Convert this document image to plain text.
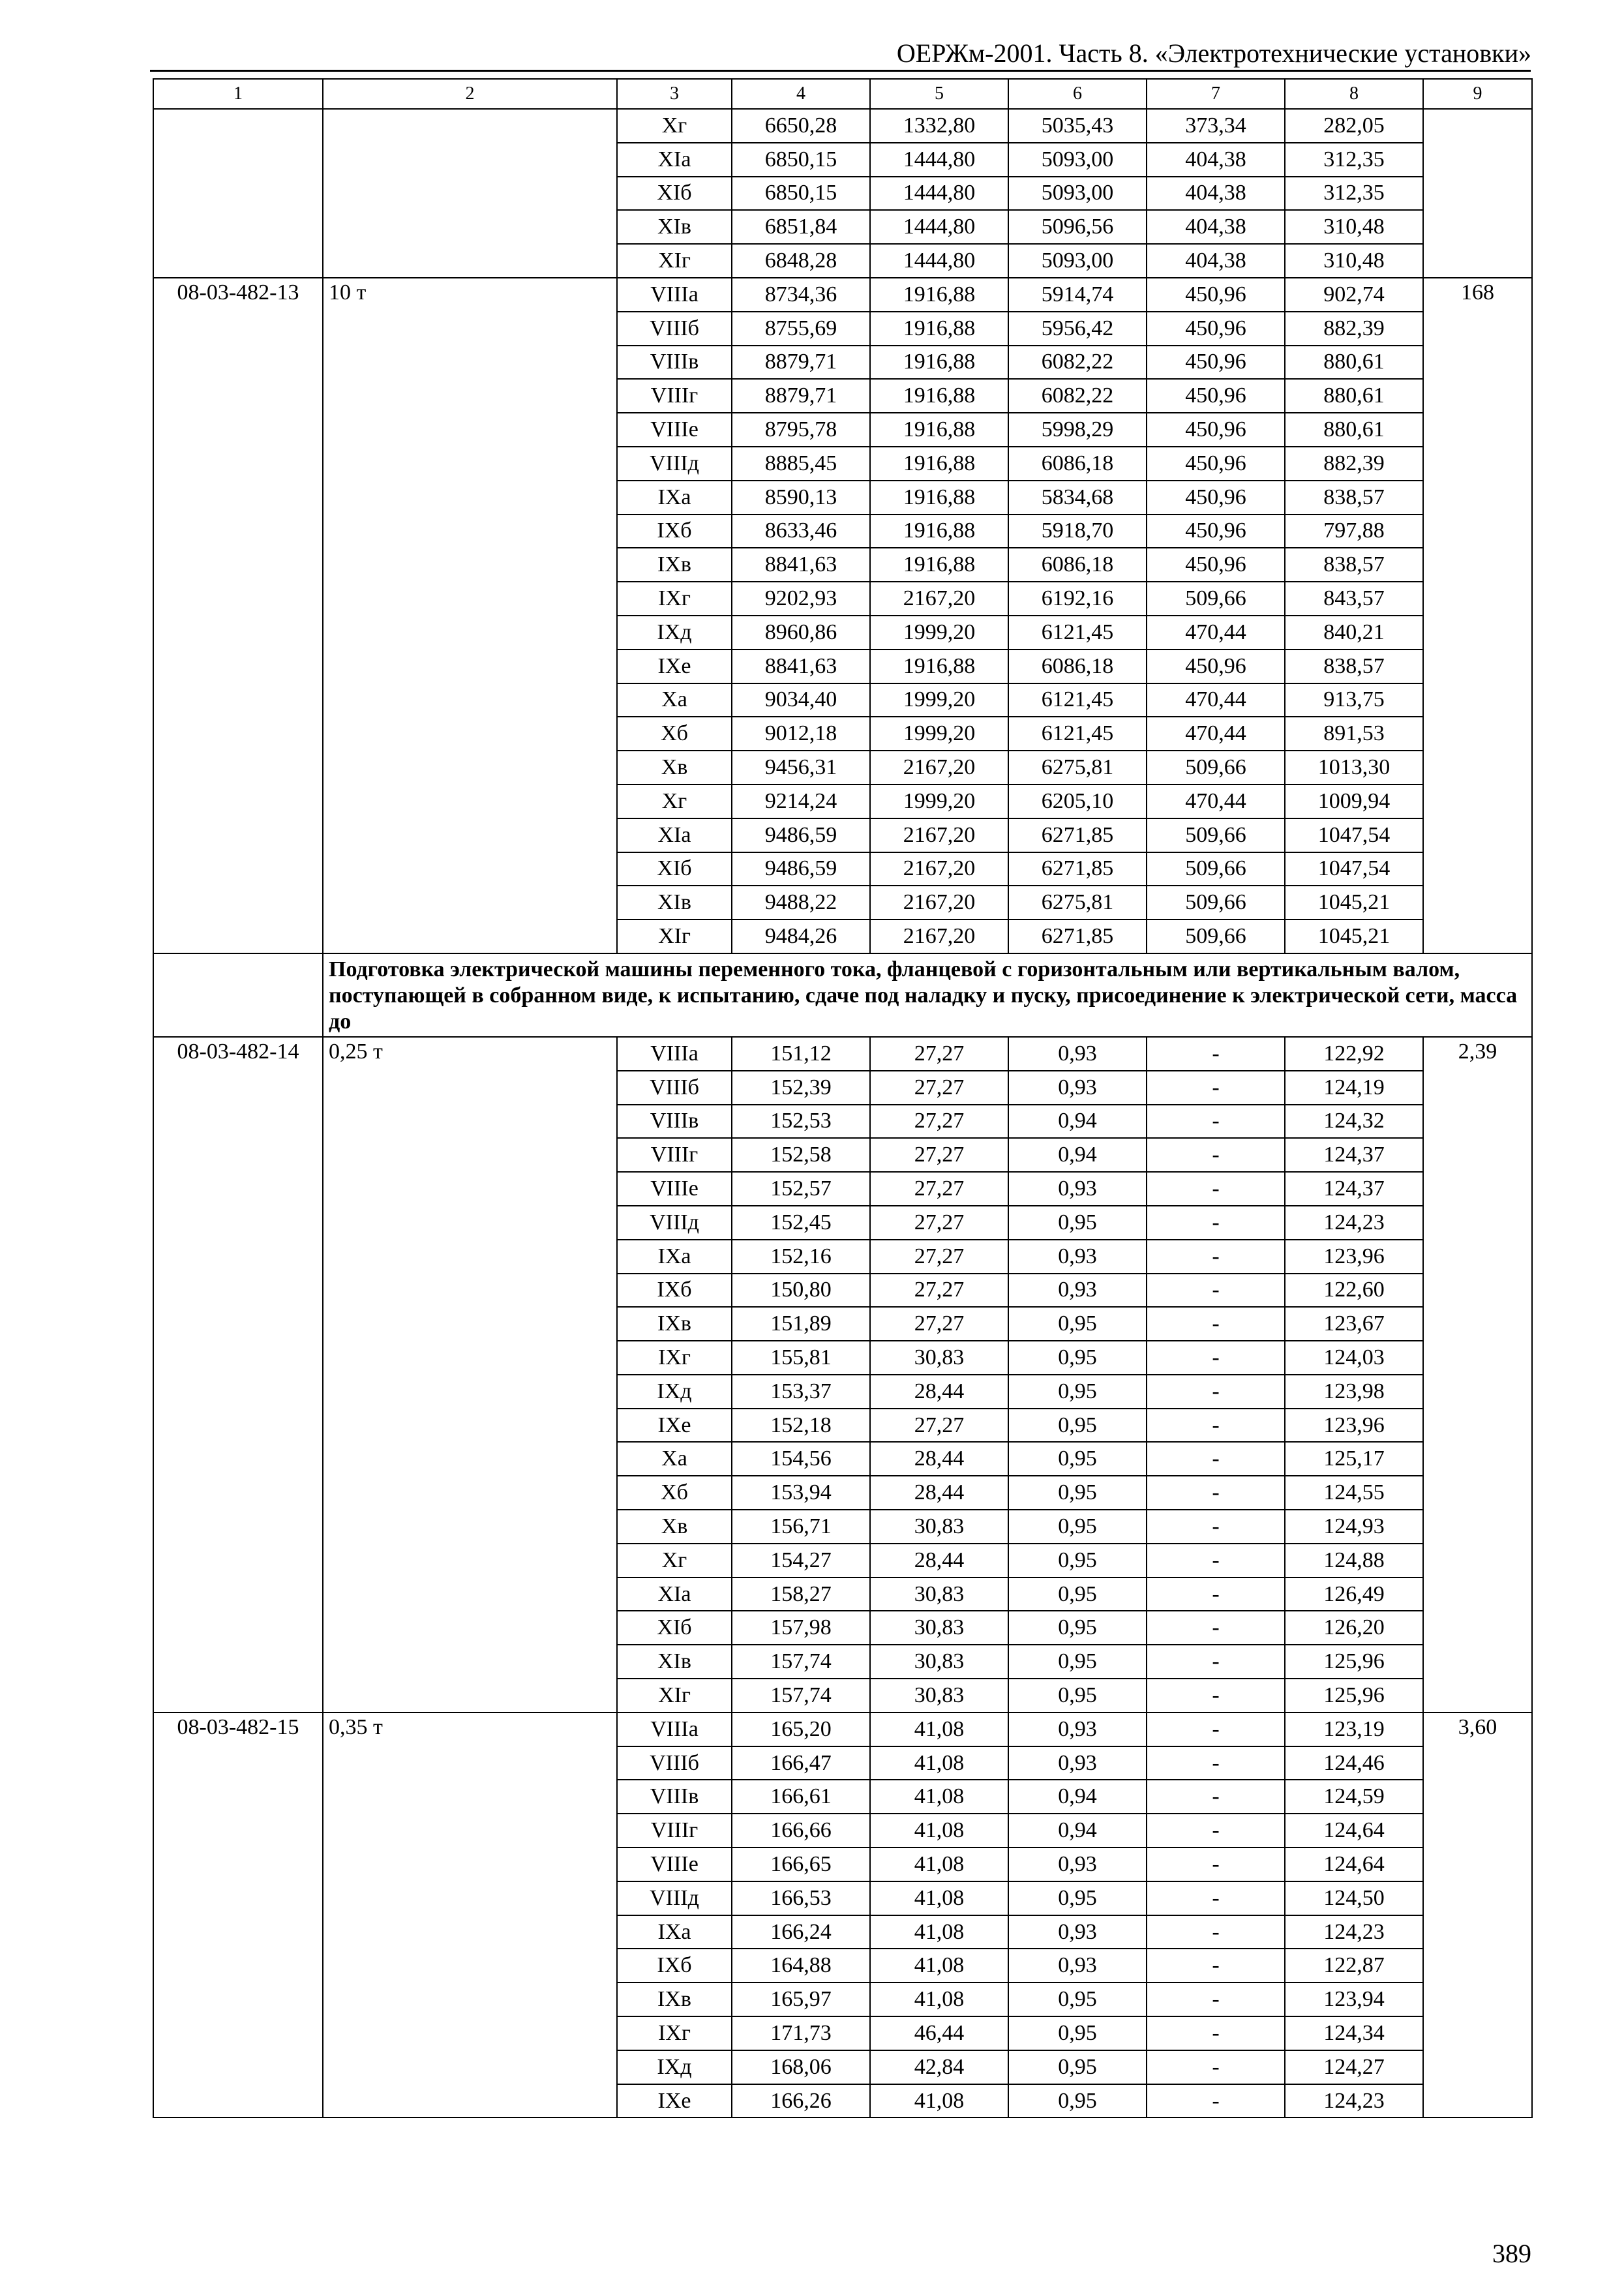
ОЕРЖм-2001. Часть 8. «Электротехнические установки»
1	2	3	4	5	6	7	8	9
		Xг	6650,28	1332,80	5035,43	373,34	282,05	
		XIа	6850,15	1444,80	5093,00	404,38	312,35	
		XIб	6850,15	1444,80	5093,00	404,38	312,35	
		XIв	6851,84	1444,80	5096,56	404,38	310,48	
		XIг	6848,28	1444,80	5093,00	404,38	310,48	
08-03-482-13	10 т	VIIIа	8734,36	1916,88	5914,74	450,96	902,74	168
		VIIIб	8755,69	1916,88	5956,42	450,96	882,39	
		VIIIв	8879,71	1916,88	6082,22	450,96	880,61	
		VIIIг	8879,71	1916,88	6082,22	450,96	880,61	
		VIIIе	8795,78	1916,88	5998,29	450,96	880,61	
		VIIIд	8885,45	1916,88	6086,18	450,96	882,39	
		IXа	8590,13	1916,88	5834,68	450,96	838,57	
		IXб	8633,46	1916,88	5918,70	450,96	797,88	
		IXв	8841,63	1916,88	6086,18	450,96	838,57	
		IXг	9202,93	2167,20	6192,16	509,66	843,57	
		IXд	8960,86	1999,20	6121,45	470,44	840,21	
		IXе	8841,63	1916,88	6086,18	450,96	838,57	
		Xа	9034,40	1999,20	6121,45	470,44	913,75	
		Xб	9012,18	1999,20	6121,45	470,44	891,53	
		Xв	9456,31	2167,20	6275,81	509,66	1013,30	
		Xг	9214,24	1999,20	6205,10	470,44	1009,94	
		XIа	9486,59	2167,20	6271,85	509,66	1047,54	
		XIб	9486,59	2167,20	6271,85	509,66	1047,54	
		XIв	9488,22	2167,20	6275,81	509,66	1045,21	
		XIг	9484,26	2167,20	6271,85	509,66	1045,21	
	Подготовка электрической машины переменного тока, фланцевой с горизонтальным или вертикальным валом, поступающей в собранном виде, к испытанию, сдаче под наладку и пуску, присоединение к электрической сети, масса до							
08-03-482-14	0,25 т	VIIIа	151,12	27,27	0,93	-	122,92	2,39
		VIIIб	152,39	27,27	0,93	-	124,19	
		VIIIв	152,53	27,27	0,94	-	124,32	
		VIIIг	152,58	27,27	0,94	-	124,37	
		VIIIе	152,57	27,27	0,93	-	124,37	
		VIIIд	152,45	27,27	0,95	-	124,23	
		IXа	152,16	27,27	0,93	-	123,96	
		IXб	150,80	27,27	0,93	-	122,60	
		IXв	151,89	27,27	0,95	-	123,67	
		IXг	155,81	30,83	0,95	-	124,03	
		IXд	153,37	28,44	0,95	-	123,98	
		IXе	152,18	27,27	0,95	-	123,96	
		Xа	154,56	28,44	0,95	-	125,17	
		Xб	153,94	28,44	0,95	-	124,55	
		Xв	156,71	30,83	0,95	-	124,93	
		Xг	154,27	28,44	0,95	-	124,88	
		XIа	158,27	30,83	0,95	-	126,49	
		XIб	157,98	30,83	0,95	-	126,20	
		XIв	157,74	30,83	0,95	-	125,96	
		XIг	157,74	30,83	0,95	-	125,96	
08-03-482-15	0,35 т	VIIIа	165,20	41,08	0,93	-	123,19	3,60
		VIIIб	166,47	41,08	0,93	-	124,46	
		VIIIв	166,61	41,08	0,94	-	124,59	
		VIIIг	166,66	41,08	0,94	-	124,64	
		VIIIе	166,65	41,08	0,93	-	124,64	
		VIIIд	166,53	41,08	0,95	-	124,50	
		IXа	166,24	41,08	0,93	-	124,23	
		IXб	164,88	41,08	0,93	-	122,87	
		IXв	165,97	41,08	0,95	-	123,94	
		IXг	171,73	46,44	0,95	-	124,34	
		IXд	168,06	42,84	0,95	-	124,27	
		IXе	166,26	41,08	0,95	-	124,23	
389
